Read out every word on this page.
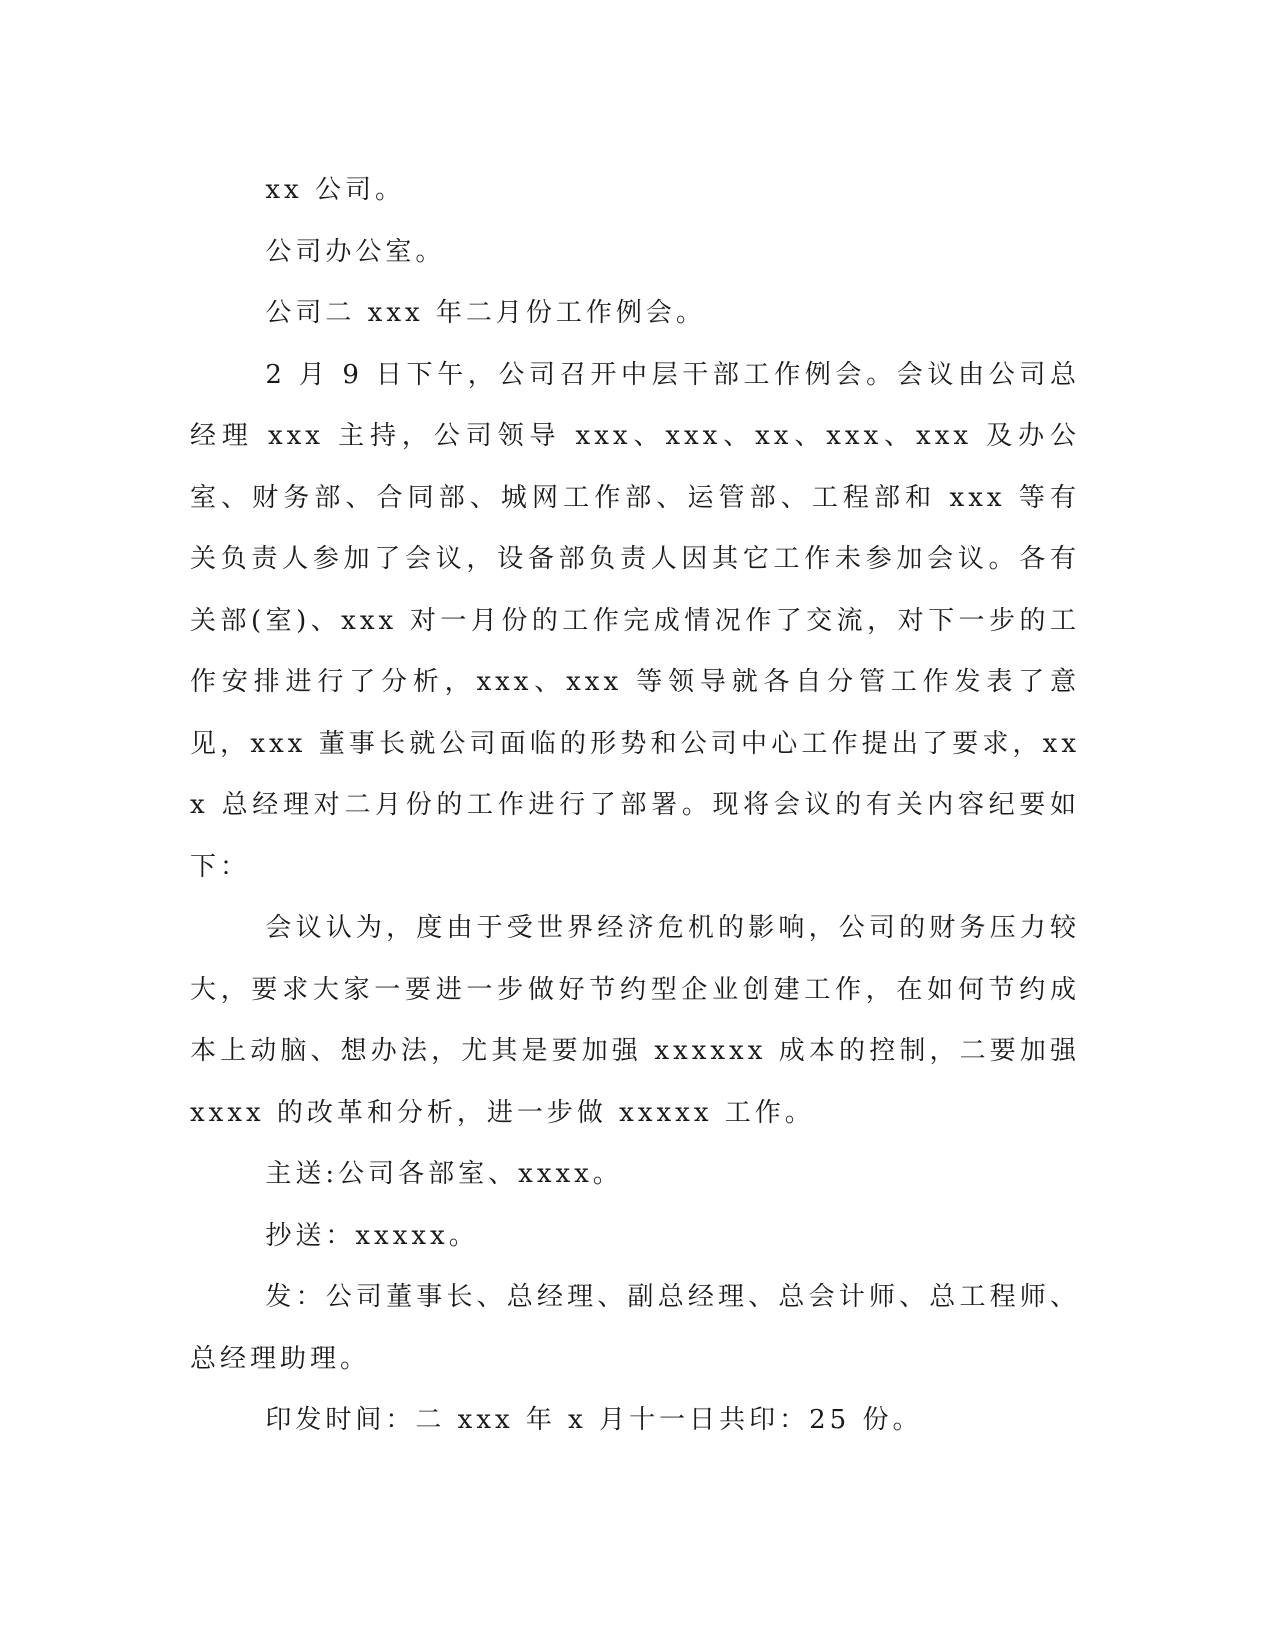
xx 公司。

公司办公室。

公司二 xxx 年二月份工作例会。

2 月 9 日下午，公司召开中层干部工作例会。会议由公司总经理 xxx 主持，公司领导 xxx、xxx、xx、xxx、xxx 及办公室、财务部、合同部、城网工作部、运管部、工程部和 xxx 等有关负责人参加了会议，设备部负责人因其它工作未参加会议。各有关部(室)、xxx 对一月份的工作完成情况作了交流，对下一步的工作安排进行了分析，xxx、xxx 等领导就各自分管工作发表了意见，xxx 董事长就公司面临的形势和公司中心工作提出了要求，xxx 总经理对二月份的工作进行了部署。现将会议的有关内容纪要如下：

会议认为，度由于受世界经济危机的影响，公司的财务压力较大，要求大家一要进一步做好节约型企业创建工作，在如何节约成本上动脑、想办法，尤其是要加强 xxxxxx 成本的控制，二要加强 xxxx 的改革和分析，进一步做 xxxxx 工作。

主送:公司各部室、xxxx。

抄送：xxxxx。

发：公司董事长、总经理、副总经理、总会计师、总工程师、总经理助理。

印发时间：二 xxx 年 x 月十一日共印：25 份。
